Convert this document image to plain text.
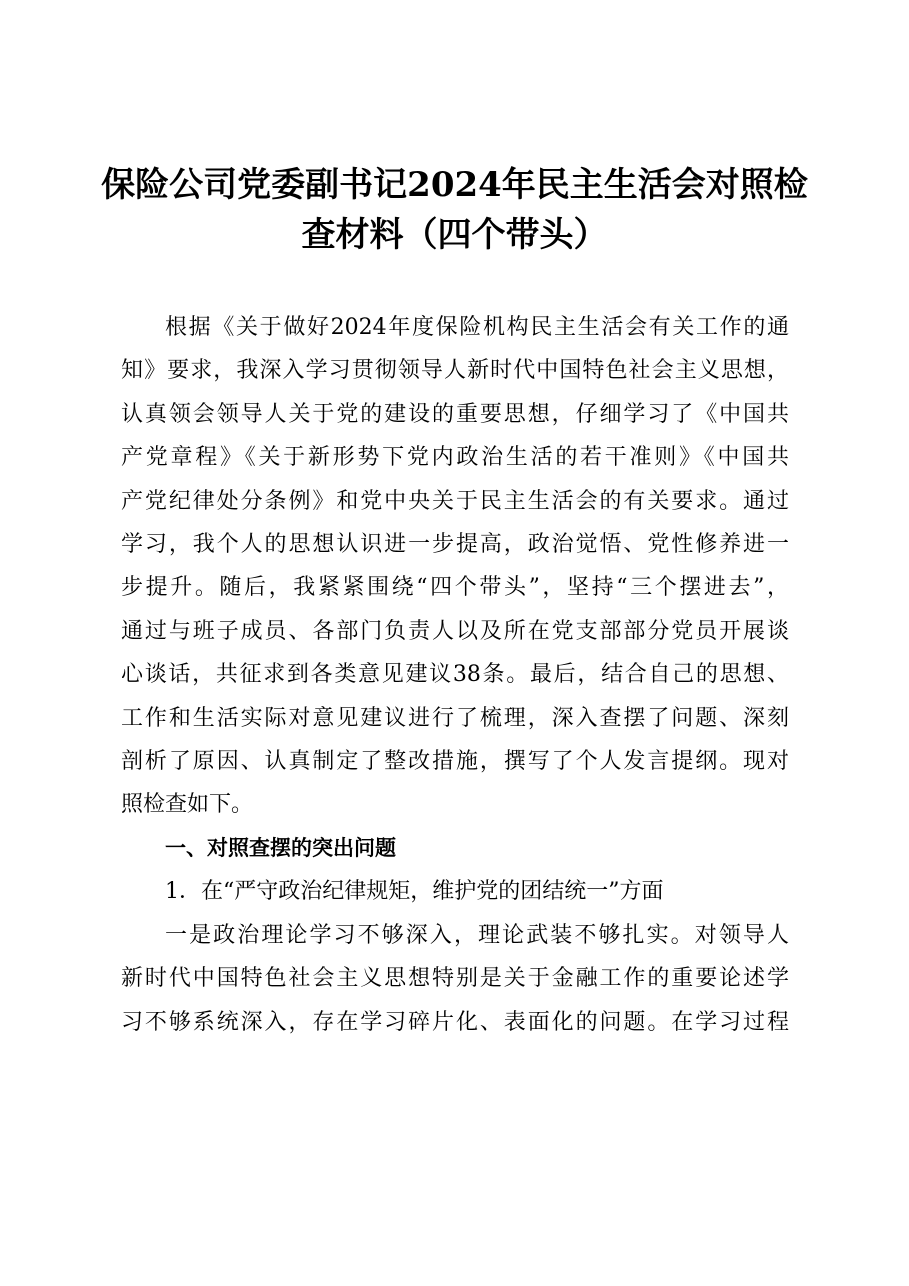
保险公司党委副书记2024年民主生活会对照检
查材料（四个带头）
根据《关于做好2024年度保险机构民主生活会有关工作的通
知》要求，我深入学习贯彻领导人新时代中国特色社会主义思想，
认真领会领导人关于党的建设的重要思想，仔细学习了《中国共
产党章程》《关于新形势下党内政治生活的若干准则》《中国共
产党纪律处分条例》和党中央关于民主生活会的有关要求。通过
学习，我个人的思想认识进一步提高，政治觉悟、党性修养进一
步提升。随后，我紧紧围绕“四个带头”，坚持“三个摆进去”，
通过与班子成员、各部门负责人以及所在党支部部分党员开展谈
心谈话，共征求到各类意见建议38条。最后，结合自己的思想、
工作和生活实际对意见建议进行了梳理，深入查摆了问题、深刻
剖析了原因、认真制定了整改措施，撰写了个人发言提纲。现对
照检查如下。

一、对照查摆的突出问题

1．在“严守政治纪律规矩，维护党的团结统一”方面

一是政治理论学习不够深入，理论武装不够扎实。对领导人
新时代中国特色社会主义思想特别是关于金融工作的重要论述学
习不够系统深入，存在学习碎片化、表面化的问题。在学习过程
